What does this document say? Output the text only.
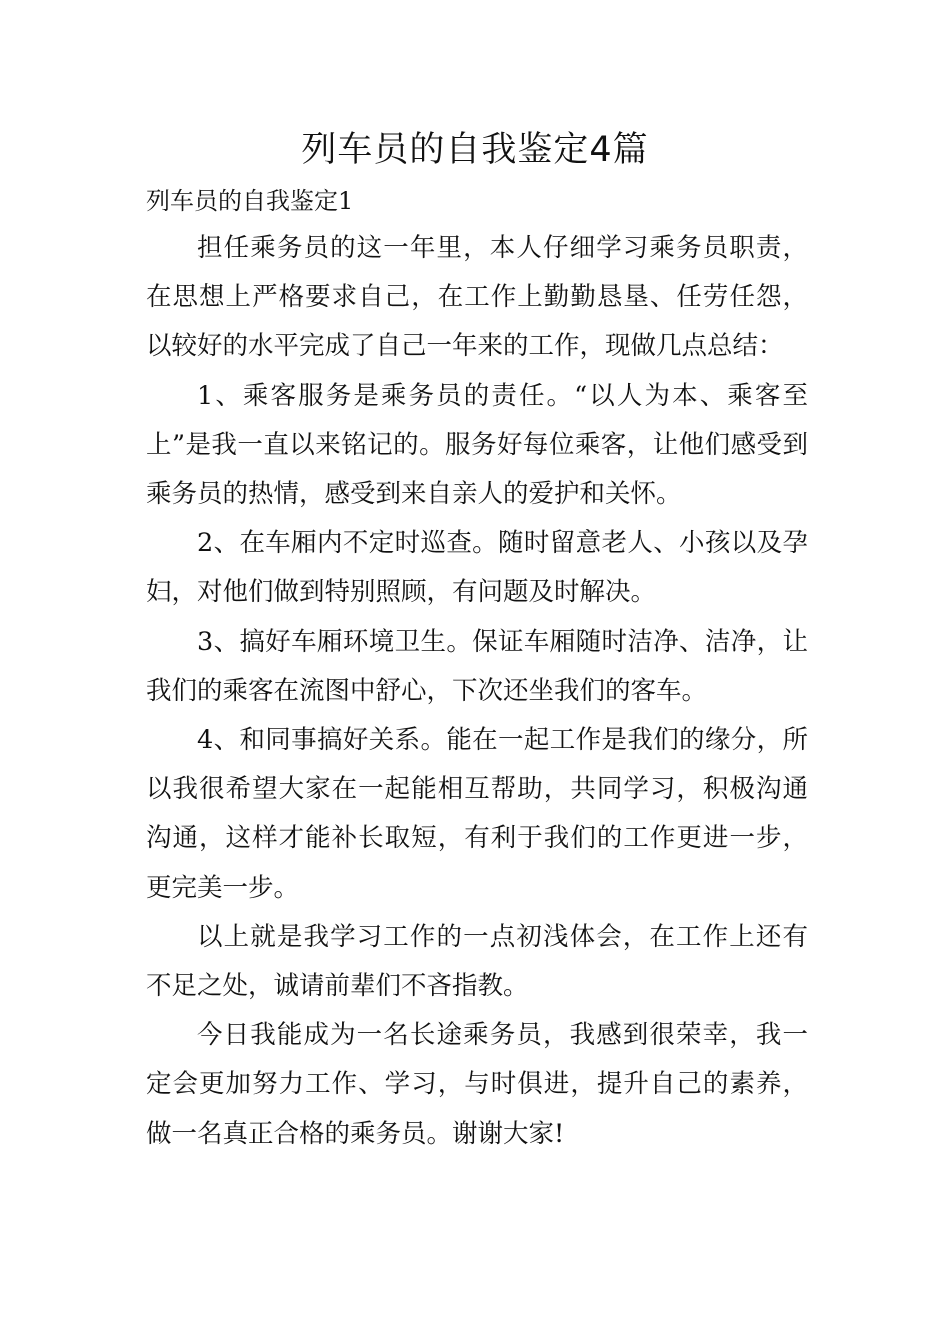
列车员的自我鉴定4篇
列车员的自我鉴定1

担任乘务员的这一年里，本人仔细学习乘务员职责，在思想上严格要求自己，在工作上勤勤恳垦、任劳任怨，以较好的水平完成了自己一年来的工作，现做几点总结：

1、乘客服务是乘务员的责任。“以人为本、乘客至上”是我一直以来铭记的。服务好每位乘客，让他们感受到乘务员的热情，感受到来自亲人的爱护和关怀。

2、在车厢内不定时巡查。随时留意老人、小孩以及孕妇，对他们做到特别照顾，有问题及时解决。

3、搞好车厢环境卫生。保证车厢随时洁净、洁净，让我们的乘客在流图中舒心，下次还坐我们的客车。

4、和同事搞好关系。能在一起工作是我们的缘分，所以我很希望大家在一起能相互帮助，共同学习，积极沟通沟通，这样才能补长取短，有利于我们的工作更进一步，更完美一步。

以上就是我学习工作的一点初浅体会，在工作上还有不足之处，诚请前辈们不吝指教。

今日我能成为一名长途乘务员，我感到很荣幸，我一定会更加努力工作、学习，与时俱进，提升自己的素养，做一名真正合格的乘务员。谢谢大家!
